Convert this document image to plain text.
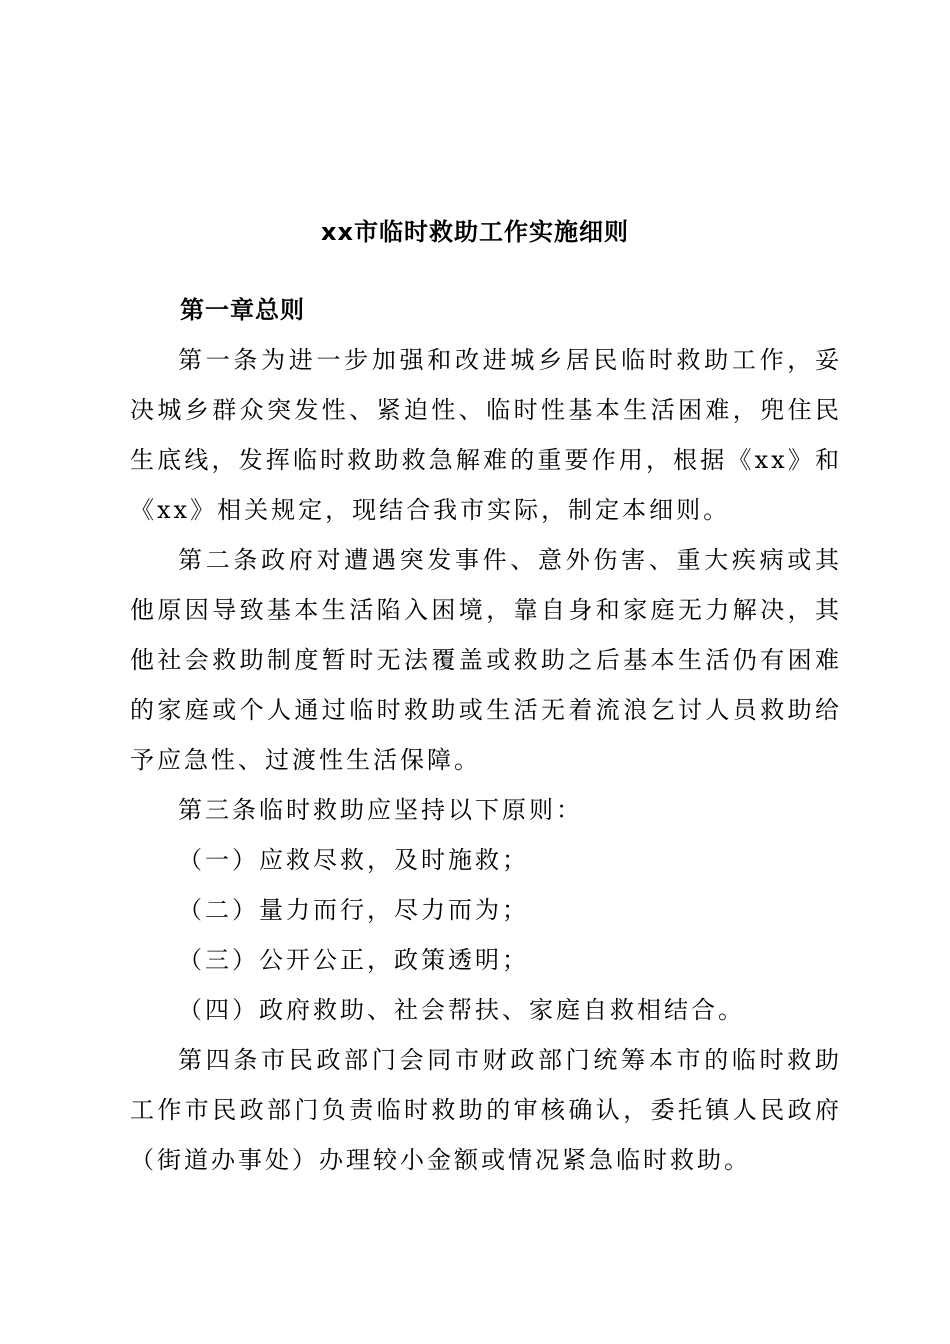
xx市临时救助工作实施细则

第一章总则

第一条为进一步加强和改进城乡居民临时救助工作，妥决城乡群众突发性、紧迫性、临时性基本生活困难，兜住民生底线，发挥临时救助救急解难的重要作用，根据《xx》和《xx》相关规定，现结合我市实际，制定本细则。

第二条政府对遭遇突发事件、意外伤害、重大疾病或其他原因导致基本生活陷入困境，靠自身和家庭无力解决，其他社会救助制度暂时无法覆盖或救助之后基本生活仍有困难的家庭或个人通过临时救助或生活无着流浪乞讨人员救助给予应急性、过渡性生活保障。

第三条临时救助应坚持以下原则：

（一）应救尽救，及时施救；

（二）量力而行，尽力而为；

（三）公开公正，政策透明；

（四）政府救助、社会帮扶、家庭自救相结合。

第四条市民政部门会同市财政部门统筹本市的临时救助工作市民政部门负责临时救助的审核确认，委托镇人民政府（街道办事处）办理较小金额或情况紧急临时救助。
